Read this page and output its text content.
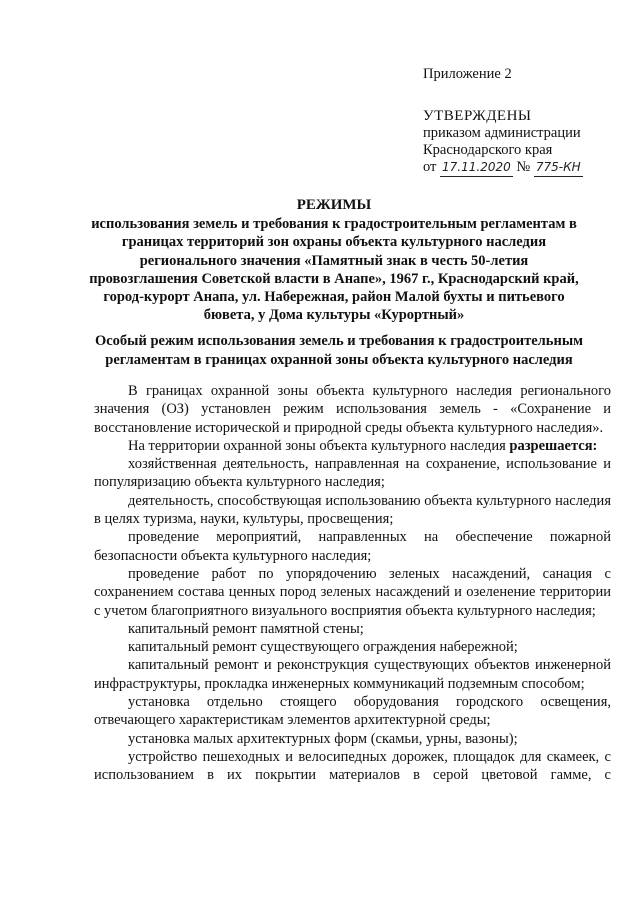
Приложение 2
УТВЕРЖДЕНЫ
приказом администрации
Краснодарского края
от 17.11.2020 № 775-КН
РЕЖИМЫ
использования земель и требования к градостроительным регламентам в
границах территорий зон охраны объекта культурного наследия
регионального значения «Памятный знак в честь 50-летия
провозглашения Советской власти в Анапе», 1967 г., Краснодарский край,
город-курорт Анапа, ул. Набережная, район Малой бухты и питьевого
бювета, у Дома культуры «Курортный»
Особый режим использования земель и требования к градостроительным
регламентам в границах охранной зоны объекта культурного наследия

В границах охранной зоны объекта культурного наследия регионального значения (ОЗ) установлен режим использования земель - «Сохранение и восстановление исторической и природной среды объекта культурного наследия».

На территории охранной зоны объекта культурного наследия разрешается:

хозяйственная деятельность, направленная на сохранение, использование и популяризацию объекта культурного наследия;

деятельность, способствующая использованию объекта культурного наследия в целях туризма, науки, культуры, просвещения;

проведение мероприятий, направленных на обеспечение пожарной безопасности объекта культурного наследия;

проведение работ по упорядочению зеленых насаждений, санация с сохранением состава ценных пород зеленых насаждений и озеленение территории с учетом благоприятного визуального восприятия объекта культурного наследия;

капитальный ремонт памятной стены;

капитальный ремонт существующего ограждения набережной;

капитальный ремонт и реконструкция существующих объектов инженерной инфраструктуры, прокладка инженерных коммуникаций подземным способом;

установка отдельно стоящего оборудования городского освещения, отвечающего характеристикам элементов архитектурной среды;

установка малых архитектурных форм (скамьи, урны, вазоны);

устройство пешеходных и велосипедных дорожек, площадок для скамеек, с использованием в их покрытии материалов в серой цветовой гамме, с
